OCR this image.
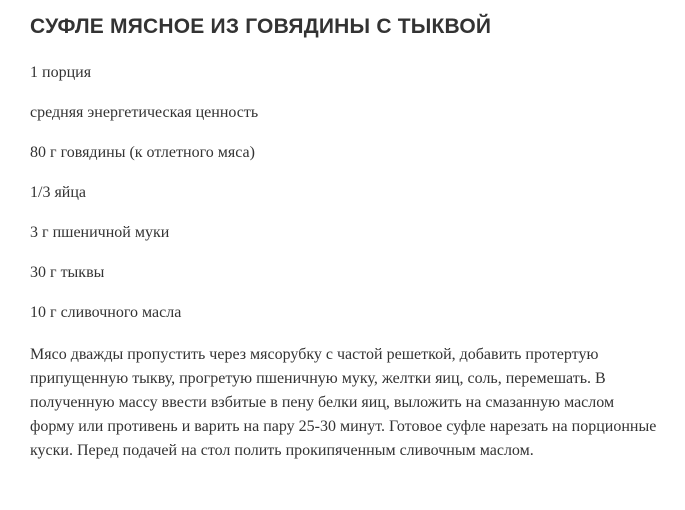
СУФЛЕ МЯСНОЕ ИЗ ГОВЯДИНЫ С ТЫКВОЙ

1 порция

средняя энергетическая ценность

80 г говядины (к отлетного мяса)

1/3 яйца

3 г пшеничной муки

30 г тыквы

10 г сливочного масла

Мясо дважды пропустить через мясорубку с частой решеткой, добавить протертую припущенную тыкву, прогретую пшеничную муку, желтки яиц, соль, перемешать. В полученную массу ввести взбитые в пену белки яиц, выложить на смазанную маслом форму или противень и варить на пару 25-30 минут. Готовое суфле нарезать на порционные куски. Перед подачей на стол полить прокипяченным сливочным маслом.
